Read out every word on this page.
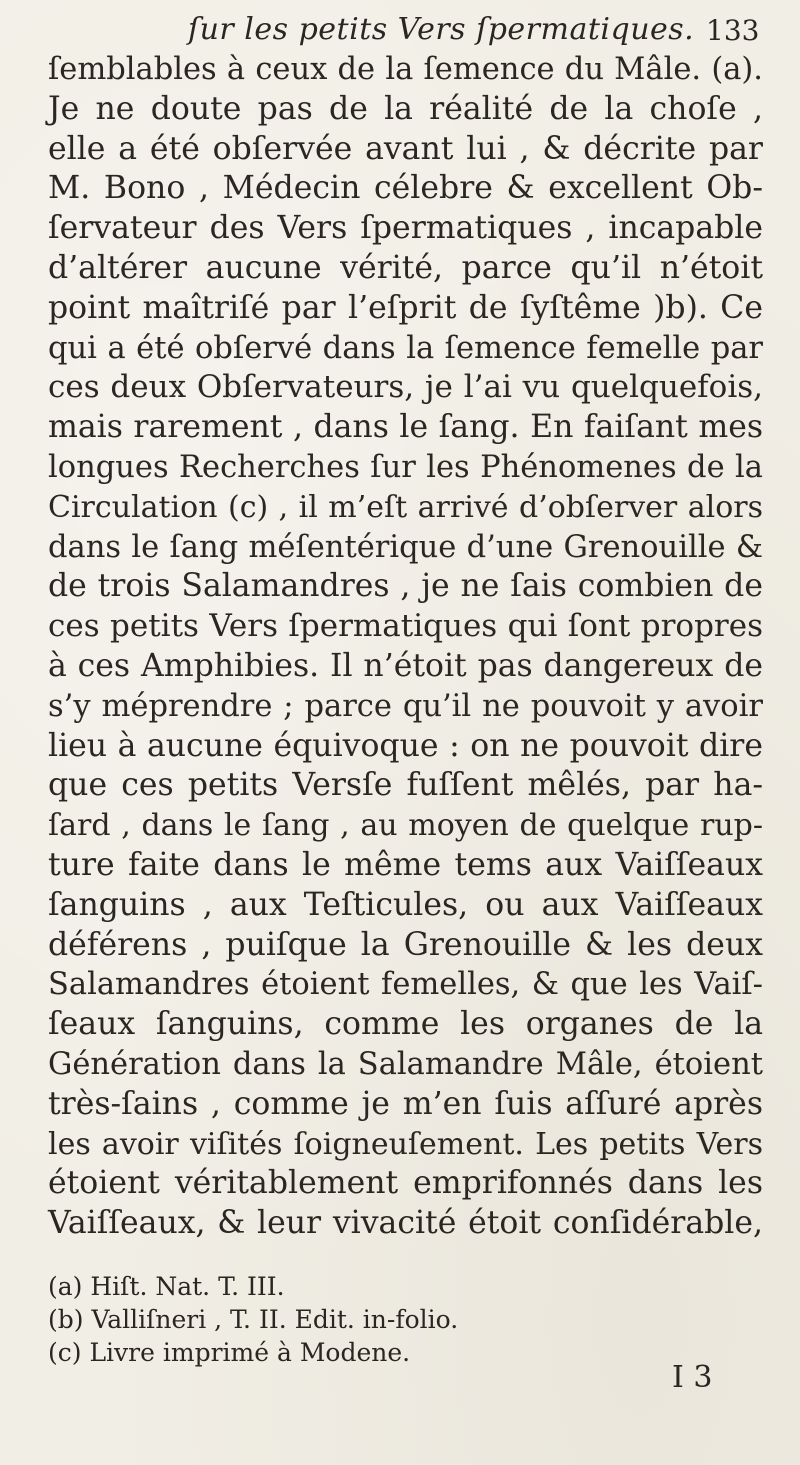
ſur les petits Vers ſpermatiques. 133
ſemblables à ceux de la ſemence du Mâle. (a).
Je ne doute pas de la réalité de la choſe ,
elle a été obſervée avant lui , & décrite par
M. Bono , Médecin célebre & excellent Ob-
ſervateur des Vers ſpermatiques , incapable
d’altérer aucune vérité, parce qu’il n’étoit
point maîtriſé par l’eſprit de ſyſtême )b). Ce
qui a été obſervé dans la ſemence femelle par
ces deux Obſervateurs, je l’ai vu quelquefois,
mais rarement , dans le ſang. En faiſant mes
longues Recherches ſur les Phénomenes de la
Circulation (c) , il m’eſt arrivé d’obſerver alors
dans le ſang méſentérique d’une Grenouille &
de trois Salamandres , je ne ſais combien de
ces petits Vers ſpermatiques qui ſont propres
à ces Amphibies. Il n’étoit pas dangereux de
s’y méprendre ; parce qu’il ne pouvoit y avoir
lieu à aucune équivoque : on ne pouvoit dire
que ces petits Versſe fuſſent mêlés, par ha-
ſard , dans le ſang , au moyen de quelque rup-
ture faite dans le même tems aux Vaiſſeaux
ſanguins , aux Teſticules, ou aux Vaiſſeaux
déférens , puiſque la Grenouille & les deux
Salamandres étoient femelles, & que les Vaiſ-
ſeaux ſanguins, comme les organes de la
Génération dans la Salamandre Mâle, étoient
très-ſains , comme je m’en ſuis aſſuré après
les avoir viſités ſoigneuſement. Les petits Vers
étoient véritablement emprifonnés dans les
Vaiſſeaux, & leur vivacité étoit conſidérable,
(a) Hiſt. Nat. T. III.
(b) Valliſneri , T. II. Edit. in-folio.
(c) Livre imprimé à Modene.
I 3
